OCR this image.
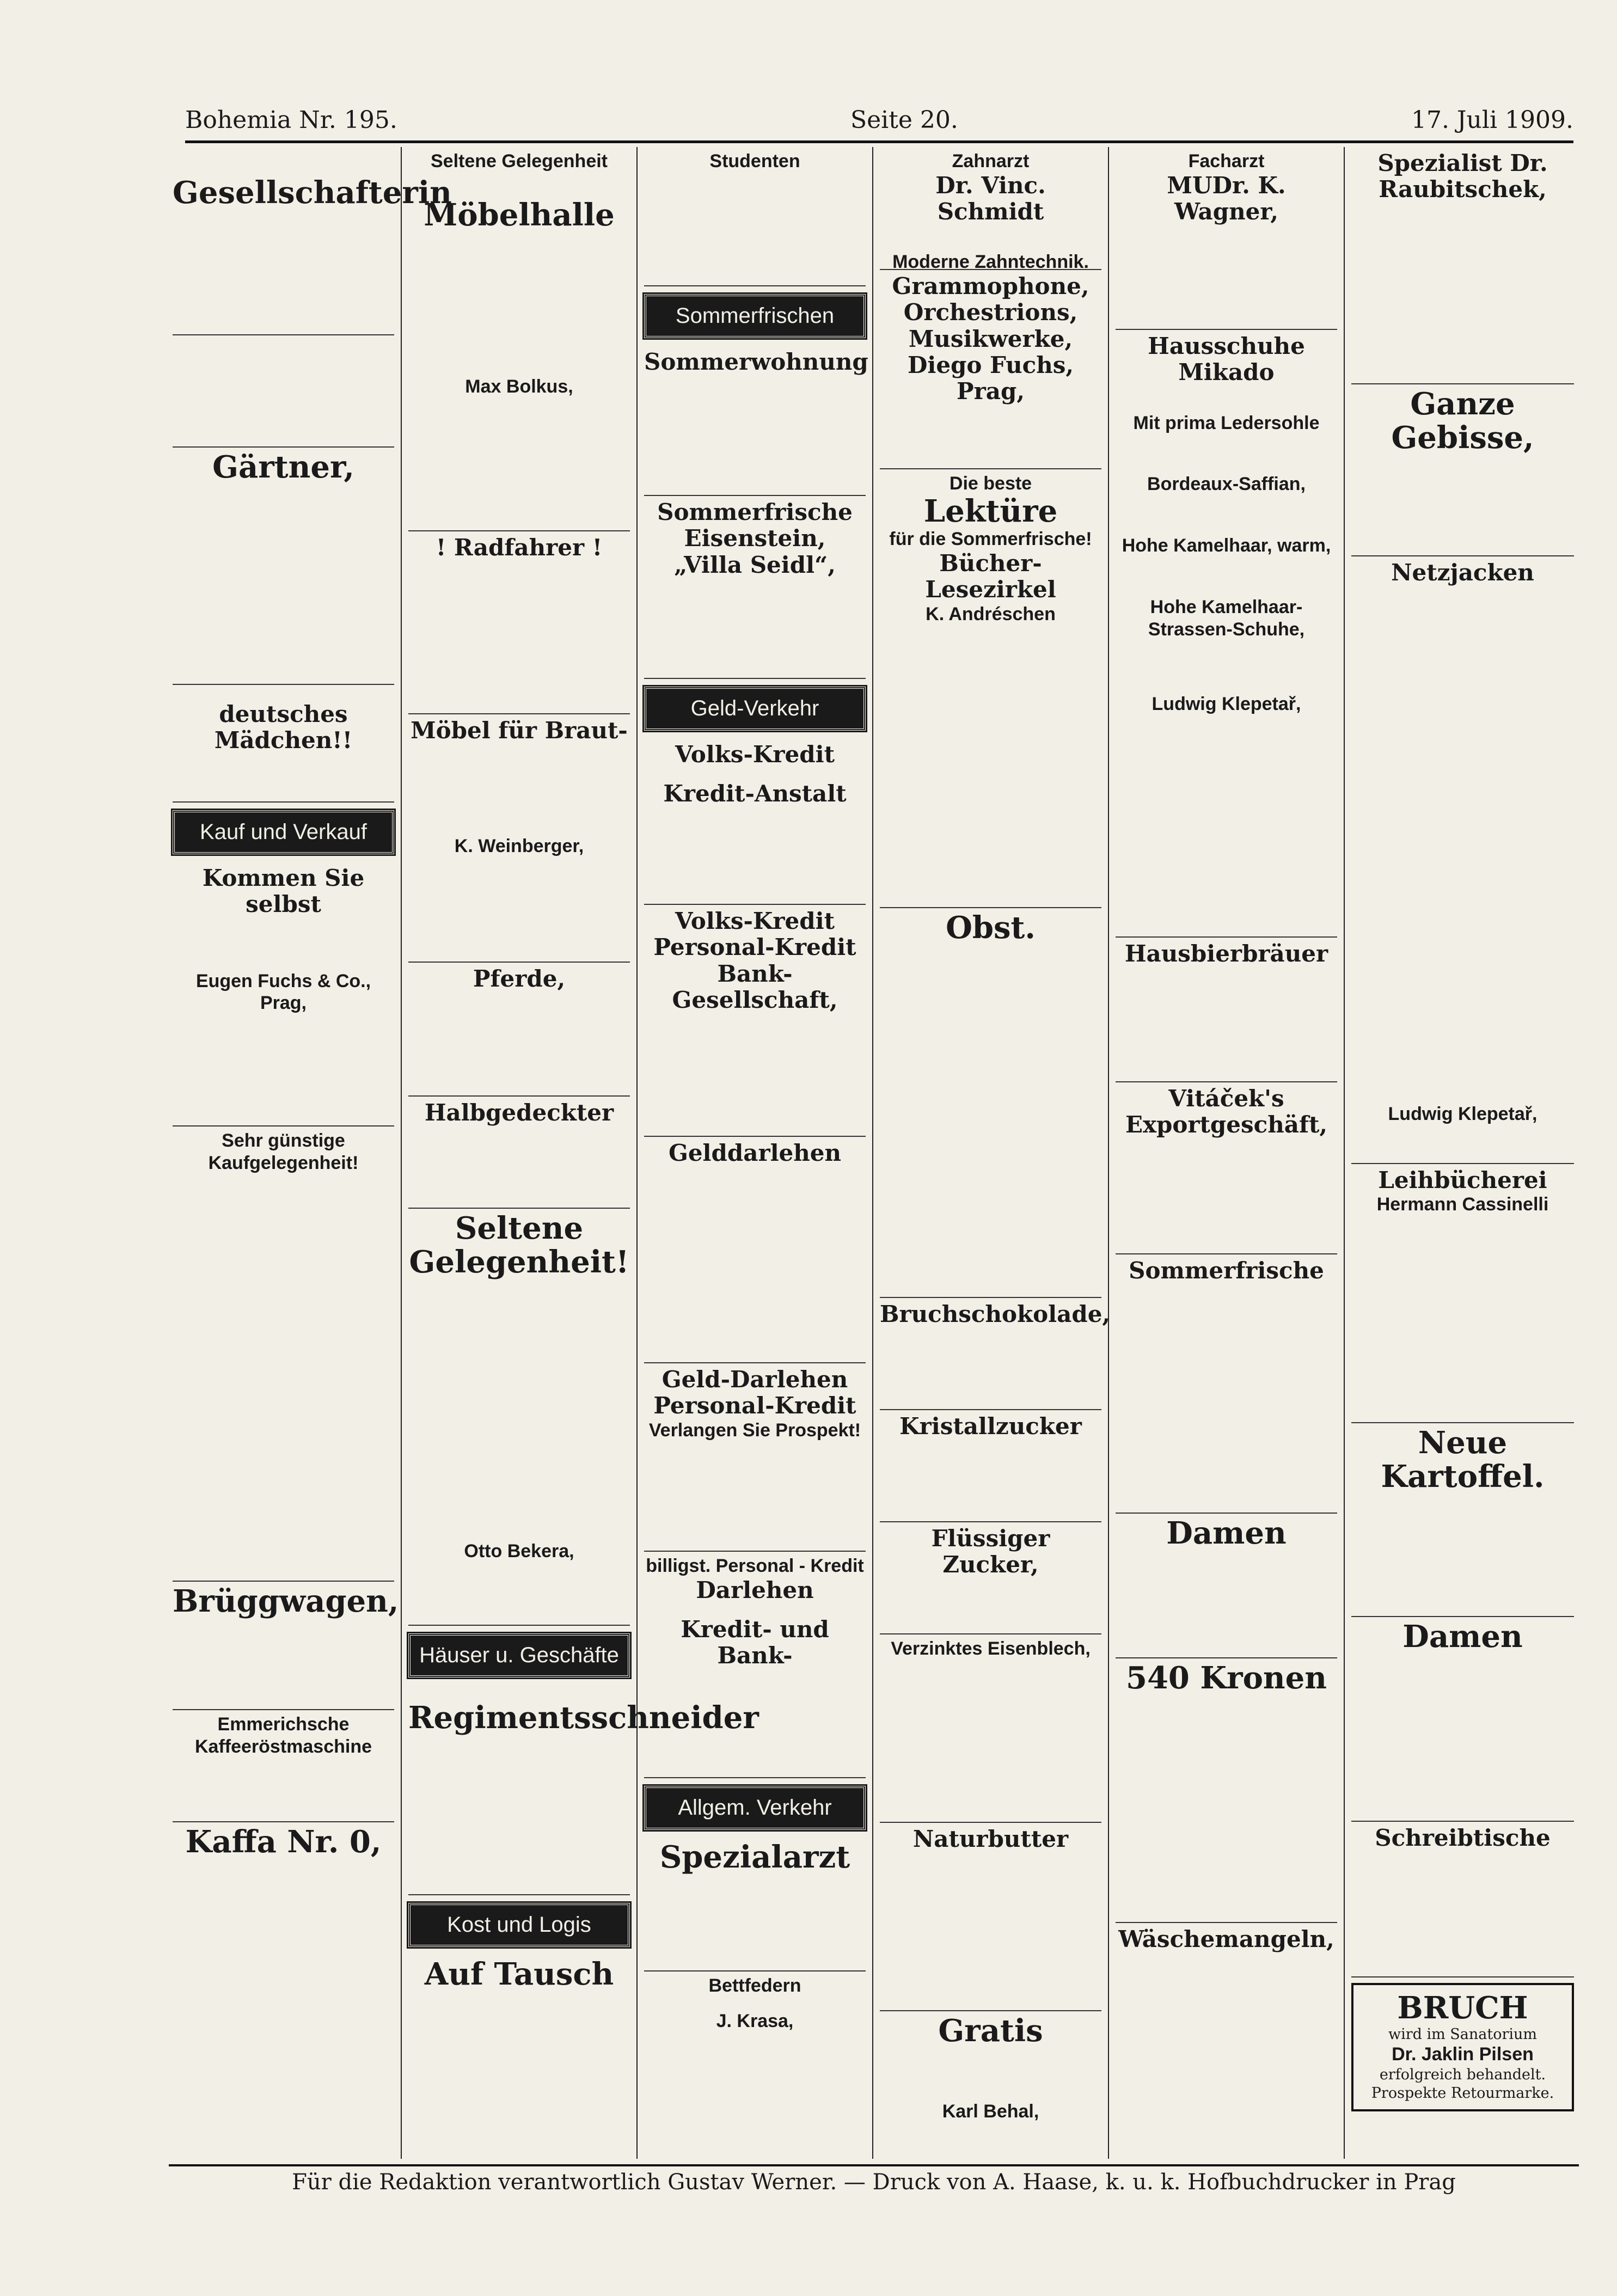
Bohemia Nr. 195.	Seite 20.	17. Juli 1909.
Gesellschafterin
Gärtner,
deutsches Mädchen!!
Kauf und Verkauf
Kommen Sie selbst
Eugen Fuchs & Co., Prag,
Sehr günstige Kaufgelegenheit!
Brüggwagen,
Emmerichsche Kaffeeröstmaschine
Kaffa Nr. 0,
Seltene Gelegenheit
Möbelhalle
Max Bolkus,
! Radfahrer !
Möbel für Braut-
K. Weinberger,
Pferde,
Halbgedeckter
Seltene Gelegenheit!
Otto Bekera,
Häuser u. Geschäfte
Regimentsschneider
Kost und Logis
Auf Tausch
Studenten
Sommerfrischen
Sommerwohnung
Sommerfrische Eisenstein,
„Villa Seidl“,
Geld-Verkehr
Volks-Kredit
Kredit-Anstalt
Volks-Kredit
Personal-Kredit
Bank-Gesellschaft,
Gelddarlehen
Geld-Darlehen
Personal-Kredit
Verlangen Sie Prospekt!
billigst. Personal - Kredit
Darlehen
Kredit- und Bank-
Allgem. Verkehr
Spezialarzt
Bettfedern
J. Krasa,
Zahnarzt
Dr. Vinc. Schmidt
Moderne Zahntechnik.
Grammophone, Orchestrions, Musikwerke,
Diego Fuchs, Prag,
Die beste
Lektüre
für die Sommerfrische!
Bücher-Lesezirkel
K. Andréschen
Obst.
Bruchschokolade,
Kristallzucker
Flüssiger Zucker,
Verzinktes Eisenblech,
Naturbutter
Gratis
Karl Behal,
Facharzt
MUDr. K. Wagner,
Hausschuhe
Mikado
Mit prima Ledersohle
Bordeaux-Saffian,
Hohe Kamelhaar, warm,
Hohe Kamelhaar-Strassen-Schuhe,
Ludwig Klepetař,
Hausbierbräuer
Vitáček's Exportgeschäft,
Sommerfrische
Damen
540 Kronen
Wäschemangeln,
Spezialist Dr. Raubitschek,
Ganze Gebisse,
Netzjacken
Ludwig Klepetař,
Leihbücherei
Hermann Cassinelli
Neue Kartoffel.
Damen
Schreibtische
BRUCH
wird im Sanatorium
Dr. Jaklin Pilsen
erfolgreich behandelt.
Prospekte Retourmarke.
Für die Redaktion verantwortlich Gustav Werner. — Druck von A. Haase, k. u. k. Hofbuchdrucker in Prag
